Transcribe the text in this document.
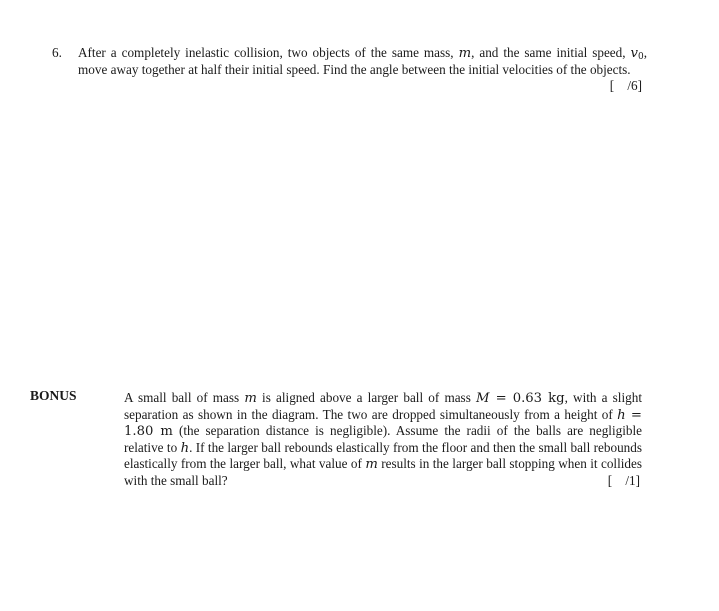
6. After a completely inelastic collision, two objects of the same mass, m, and the same initial speed, $v_0$, move away together at half their initial speed. Find the angle between the initial velocities of the objects.
[    /6]
BONUS	A small ball of mass m is aligned above a larger ball of mass M = 0.63 kg, with a slight separation as shown in the diagram. The two are dropped simultaneously from a height of h = 1.80 m (the separation distance is negligible). Assume the radii of the balls are negligible relative to h. If the larger ball rebounds elastically from the floor and then the small ball rebounds elastically from the larger ball, what value of m results in the larger ball stopping when it collides with the small ball?	[    /1]
